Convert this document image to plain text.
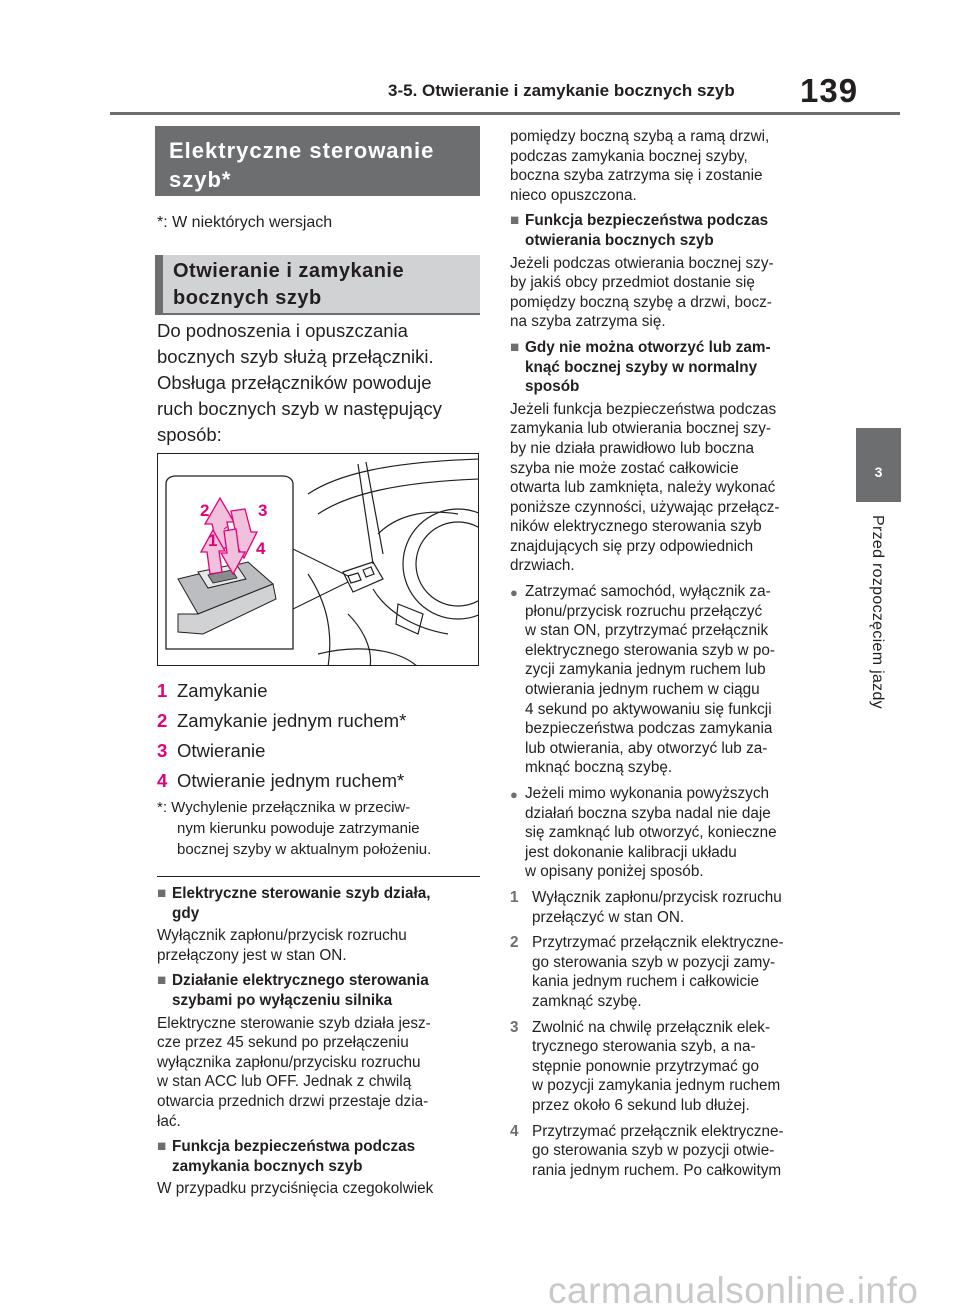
3-5. Otwieranie i zamykanie bocznych szyb 139
3
Przed rozpoczęciem jazdy
Elektryczne sterowanie
szyb*
*: W niektórych wersjach
Otwieranie i zamykanie
bocznych szyb
Do podnoszenia i opuszczania
bocznych szyb służą przełączniki.
Obsługa przełączników powoduje
ruch bocznych szyb w następujący
sposób:
2	3
1 4
1 Zamykanie
2 Zamykanie jednym ruchem*
3 Otwieranie
4 Otwieranie jednym ruchem*
*: Wychylenie przełącznika w przeciw-
nym kierunku powoduje zatrzymanie
bocznej szyby w aktualnym położeniu.
■ Elektryczne sterowanie szyb działa,
gdy
Wyłącznik zapłonu/przycisk rozruchu
przełączony jest w stan ON.
■ Działanie elektrycznego sterowania
szybami po wyłączeniu silnika
Elektryczne sterowanie szyb działa jesz-
cze przez 45 sekund po przełączeniu
wyłącznika zapłonu/przycisku rozruchu
w stan ACC lub OFF. Jednak z chwilą
otwarcia przednich drzwi przestaje dzia-
łać.
■ Funkcja bezpieczeństwa podczas
zamykania bocznych szyb
W przypadku przyciśnięcia czegokolwiek
pomiędzy boczną szybą a ramą drzwi,
podczas zamykania bocznej szyby,
boczna szyba zatrzyma się i zostanie
nieco opuszczona.
■ Funkcja bezpieczeństwa podczas
otwierania bocznych szyb
Jeżeli podczas otwierania bocznej szy-
by jakiś obcy przedmiot dostanie się
pomiędzy boczną szybę a drzwi, bocz-
na szyba zatrzyma się.
■ Gdy nie można otworzyć lub zam-
knąć bocznej szyby w normalny
sposób
Jeżeli funkcja bezpieczeństwa podczas
zamykania lub otwierania bocznej szy-
by nie działa prawidłowo lub boczna
szyba nie może zostać całkowicie
otwarta lub zamknięta, należy wykonać
poniższe czynności, używając przełącz-
ników elektrycznego sterowania szyb
znajdujących się przy odpowiednich
drzwiach.
● Zatrzymać samochód, wyłącznik za-
płonu/przycisk rozruchu przełączyć
w stan ON, przytrzymać przełącznik
elektrycznego sterowania szyb w po-
zycji zamykania jednym ruchem lub
otwierania jednym ruchem w ciągu
4 sekund po aktywowaniu się funkcji
bezpieczeństwa podczas zamykania
lub otwierania, aby otworzyć lub za-
mknąć boczną szybę.
● Jeżeli mimo wykonania powyższych
działań boczna szyba nadal nie daje
się zamknąć lub otworzyć, konieczne
jest dokonanie kalibracji układu
w opisany poniżej sposób.
1 Wyłącznik zapłonu/przycisk rozruchu
przełączyć w stan ON.
2 Przytrzymać przełącznik elektryczne-
go sterowania szyb w pozycji zamy-
kania jednym ruchem i całkowicie
zamknąć szybę.
3 Zwolnić na chwilę przełącznik elek-
trycznego sterowania szyb, a na-
stępnie ponownie przytrzymać go
w pozycji zamykania jednym ruchem
przez około 6 sekund lub dłużej.
4 Przytrzymać przełącznik elektryczne-
go sterowania szyb w pozycji otwie-
rania jednym ruchem. Po całkowitym
carmanualsonline.info
